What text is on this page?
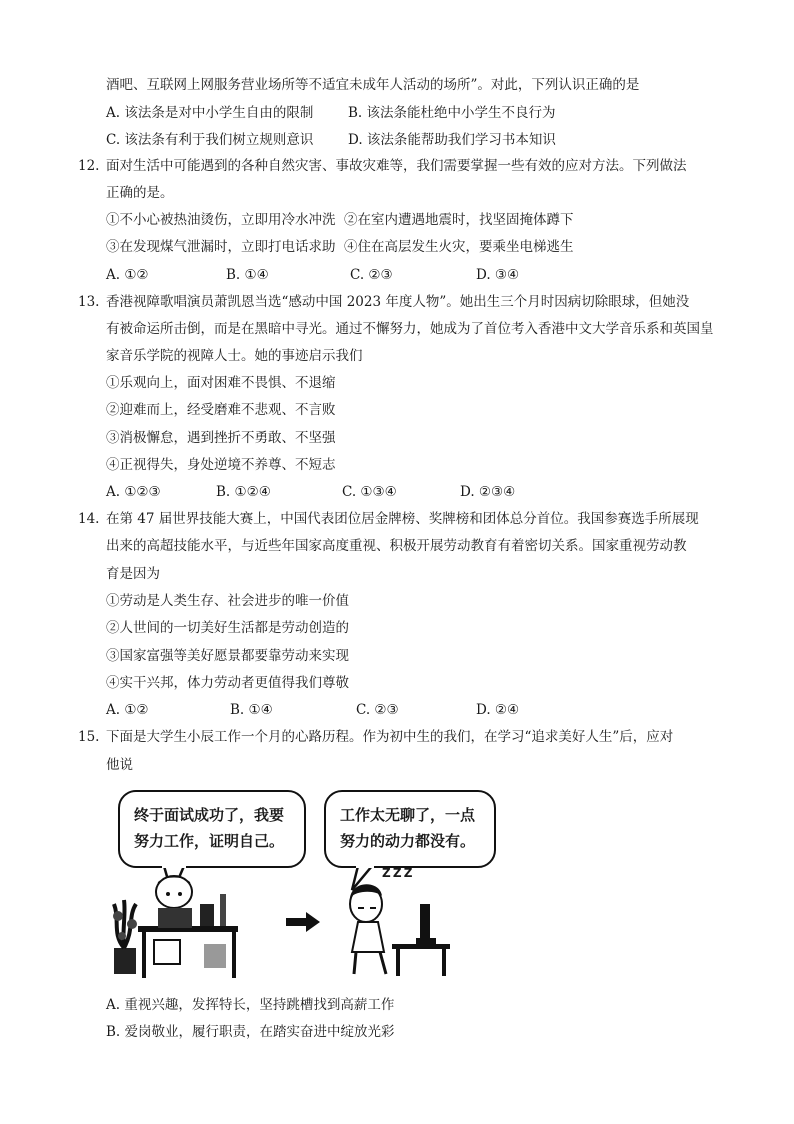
酒吧、互联网上网服务营业场所等不适宜未成年人活动的场所”。对此，下列认识正确的是
A. 该法条是对中小学生自由的限制	B. 该法条能杜绝中小学生不良行为
C. 该法条有利于我们树立规则意识	D. 该法条能帮助我们学习书本知识
12. 面对生活中可能遇到的各种自然灾害、事故灾难等，我们需要掌握一些有效的应对方法。下列做法
正确的是。
①不小心被热油烫伤，立即用冷水冲洗 ②在室内遭遇地震时，找坚固掩体蹲下
③在发现煤气泄漏时，立即打电话求助 ④住在高层发生火灾，要乘坐电梯逃生
A. ①②	B. ①④	C. ②③	D. ③④
13. 香港视障歌唱演员萧凯恩当选“感动中国 2023 年度人物”。她出生三个月时因病切除眼球，但她没
有被命运所击倒，而是在黑暗中寻光。通过不懈努力，她成为了首位考入香港中文大学音乐系和英国皇
家音乐学院的视障人士。她的事迹启示我们
①乐观向上，面对困难不畏惧、不退缩
②迎难而上，经受磨难不悲观、不言败
③消极懈怠，遇到挫折不勇敢、不坚强
④正视得失，身处逆境不养尊、不短志
A. ①②③	B. ①②④	C. ①③④	D. ②③④
14. 在第 47 届世界技能大赛上，中国代表团位居金牌榜、奖牌榜和团体总分首位。我国参赛选手所展现
出来的高超技能水平，与近些年国家高度重视、积极开展劳动教育有着密切关系。国家重视劳动教
育是因为
①劳动是人类生存、社会进步的唯一价值
②人世间的一切美好生活都是劳动创造的
③国家富强等美好愿景都要靠劳动来实现
④实干兴邦，体力劳动者更值得我们尊敬
A. ①②	B. ①④	C. ②③	D. ②④
15. 下面是大学生小辰工作一个月的心路历程。作为初中生的我们，在学习“追求美好人生”后，应对
他说
终于面试成功了，我要
努力工作，证明自己。
工作太无聊了，一点
努力的动力都没有。
Z Z Z
A. 重视兴趣，发挥特长，坚持跳槽找到高薪工作
B. 爱岗敬业，履行职责，在踏实奋进中绽放光彩
